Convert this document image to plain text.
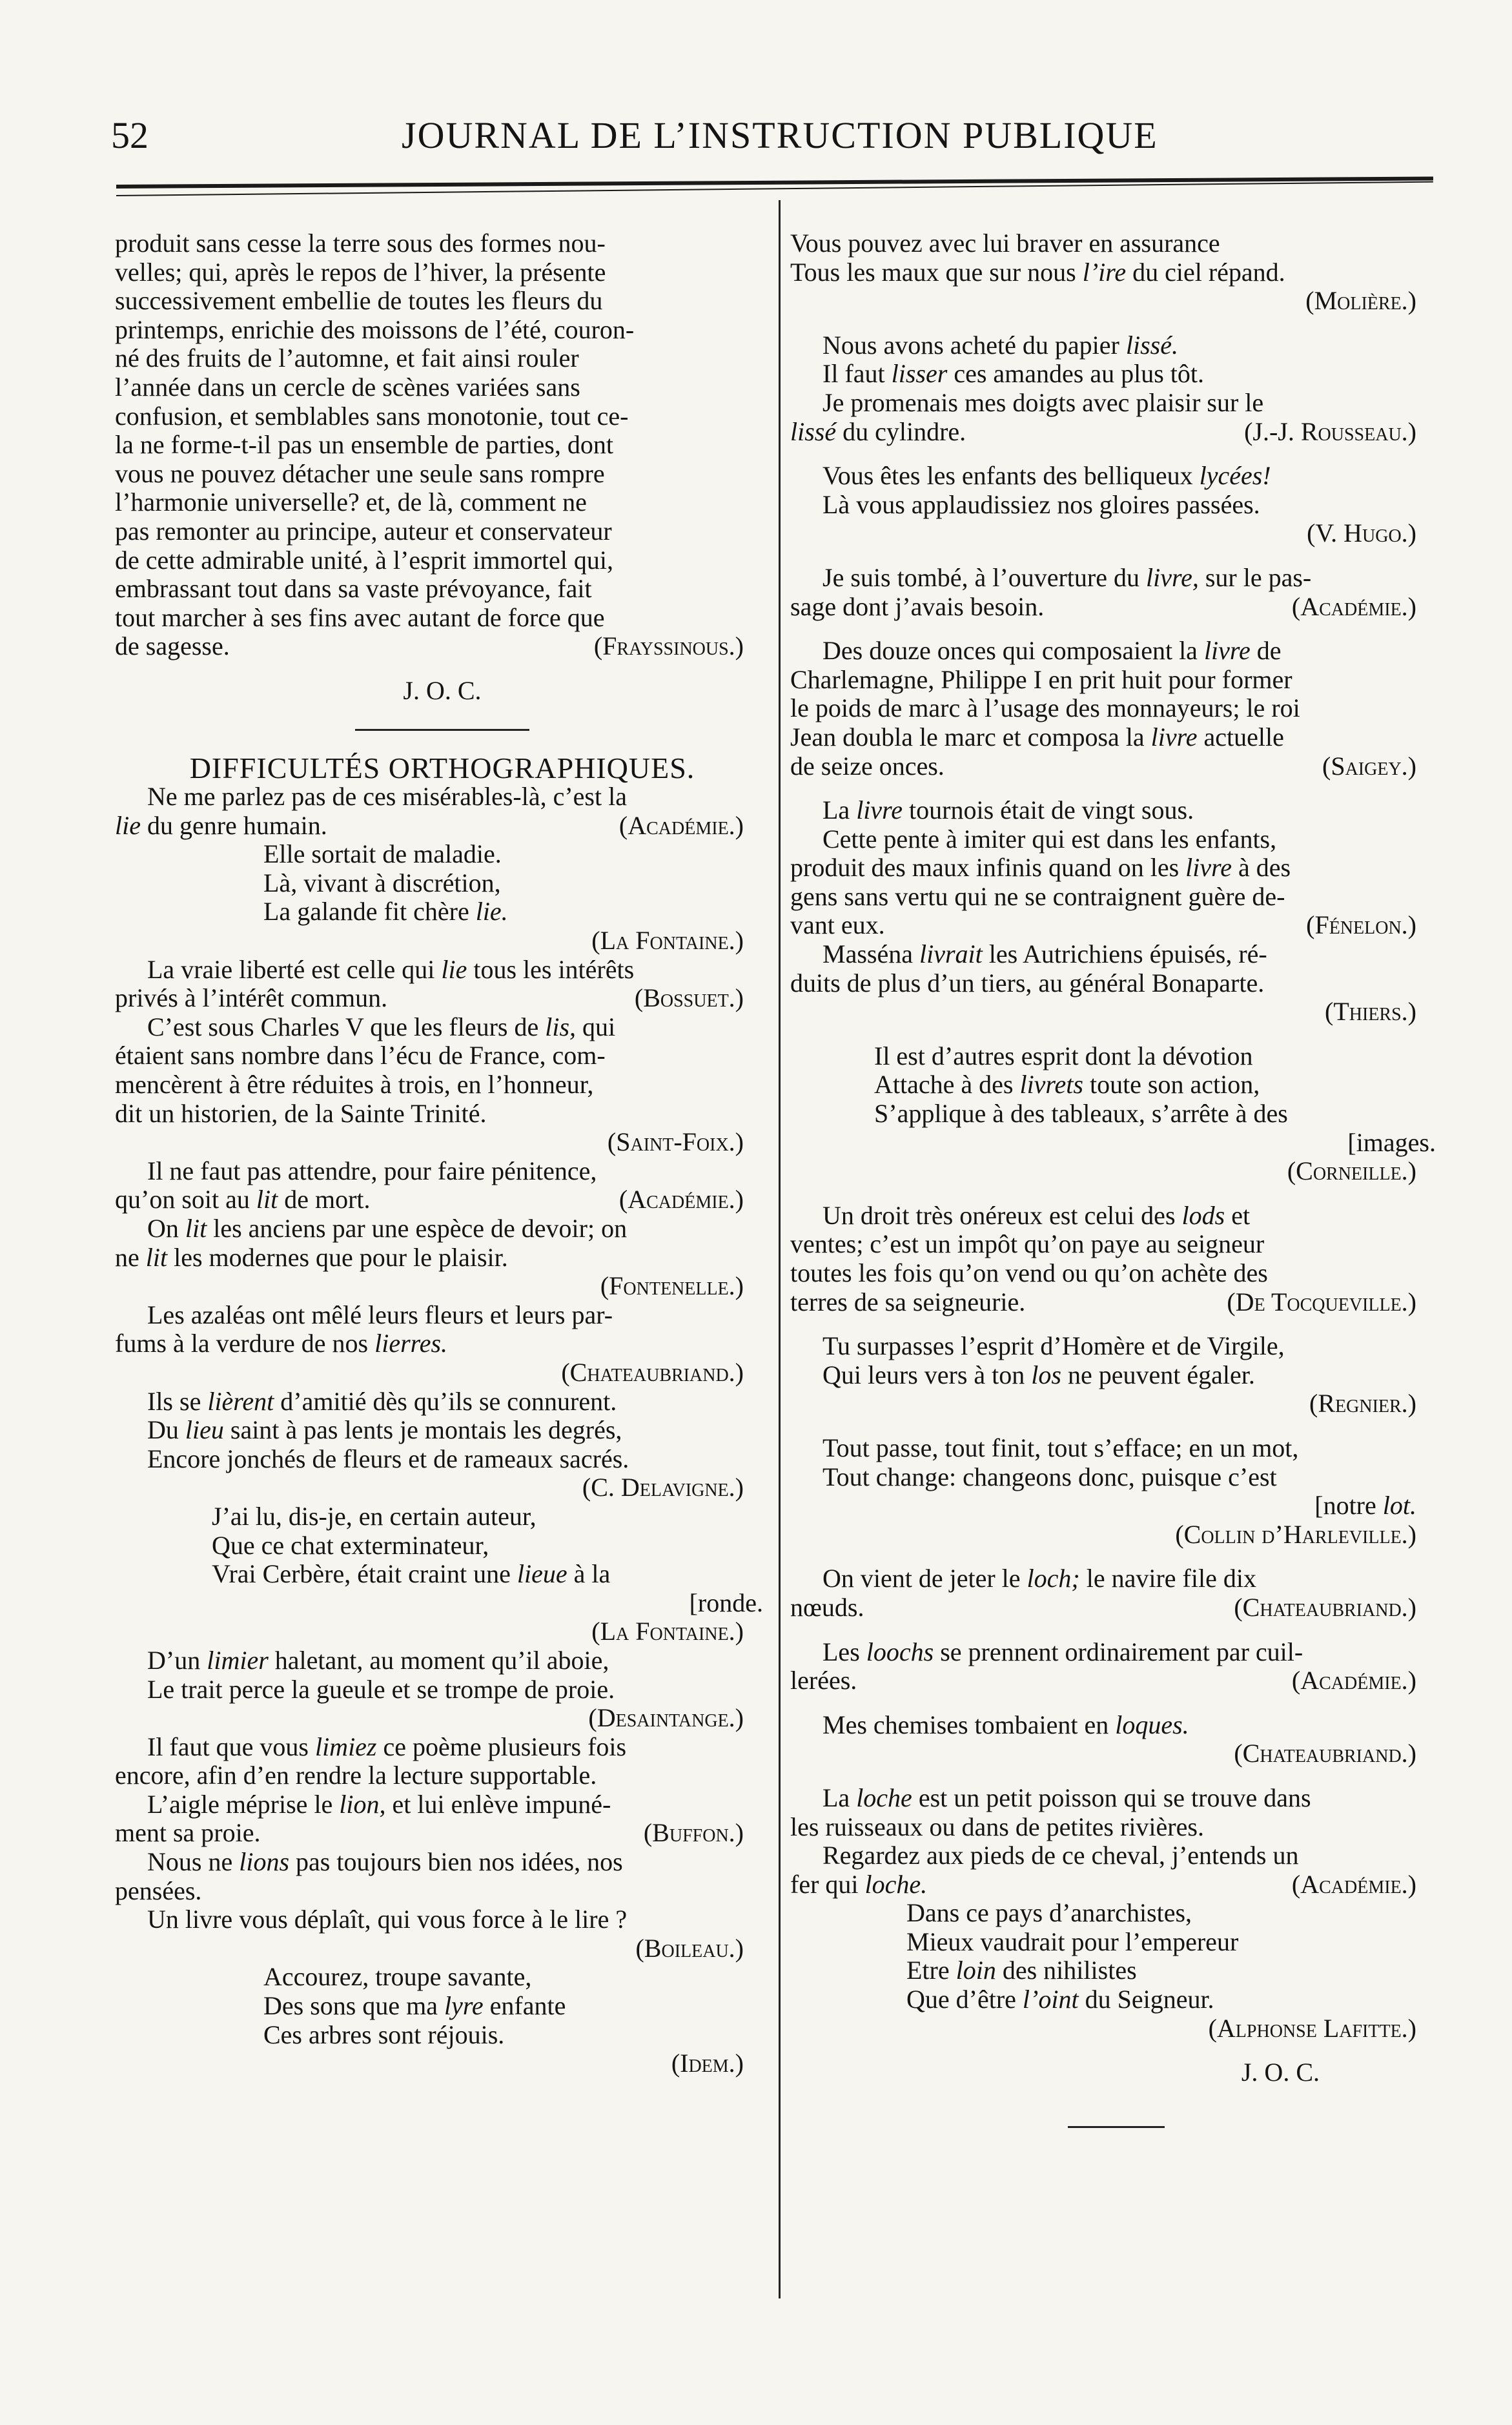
52	JOURNAL DE L’INSTRUCTION PUBLIQUE

produit sans cesse la terre sous des formes nou-

velles; qui, après le repos de l’hiver, la présente

successivement embellie de toutes les fleurs du

printemps, enrichie des moissons de l’été, couron-

né des fruits de l’automne, et fait ainsi rouler

l’année dans un cercle de scènes variées sans

confusion, et semblables sans monotonie, tout ce-

la ne forme-t-il pas un ensemble de parties, dont

vous ne pouvez détacher une seule sans rompre

l’harmonie universelle? et, de là, comment ne

pas remonter au principe, auteur et conservateur

de cette admirable unité, à l’esprit immortel qui,

embrassant tout dans sa vaste prévoyance, fait

tout marcher à ses fins avec autant de force que

de sagesse.	(Frayssinous.)

J. O. C.

DIFFICULTÉS ORTHOGRAPHIQUES.

Ne me parlez pas de ces misérables-là, c’est la

lie du genre humain.	(Académie.)

Elle sortait de maladie.

Là, vivant à discrétion,

La galande fit chère lie.

(La Fontaine.)

La vraie liberté est celle qui lie tous les intérêts

privés à l’intérêt commun.	(Bossuet.)

C’est sous Charles V que les fleurs de lis, qui

étaient sans nombre dans l’écu de France, com-

mencèrent à être réduites à trois, en l’honneur,

dit un historien, de la Sainte Trinité.

(Saint-Foix.)

Il ne faut pas attendre, pour faire pénitence,

qu’on soit au lit de mort.	(Académie.)

On lit les anciens par une espèce de devoir; on

ne lit les modernes que pour le plaisir.

(Fontenelle.)

Les azaléas ont mêlé leurs fleurs et leurs par-

fums à la verdure de nos lierres.

(Chateaubriand.)

Ils se lièrent d’amitié dès qu’ils se connurent.

Du lieu saint à pas lents je montais les degrés,

Encore jonchés de fleurs et de rameaux sacrés.

(C. Delavigne.)

J’ai lu, dis-je, en certain auteur,

Que ce chat exterminateur,

Vrai Cerbère, était craint une lieue à la

[ronde.

(La Fontaine.)

D’un limier haletant, au moment qu’il aboie,

Le trait perce la gueule et se trompe de proie.

(Desaintange.)

Il faut que vous limiez ce poème plusieurs fois

encore, afin d’en rendre la lecture supportable.

L’aigle méprise le lion, et lui enlève impuné-

ment sa proie.	(Buffon.)

Nous ne lions pas toujours bien nos idées, nos

pensées.

Un livre vous déplaît, qui vous force à le lire ?

(Boileau.)

Accourez, troupe savante,

Des sons que ma lyre enfante

Ces arbres sont réjouis.

(Idem.)

Vous pouvez avec lui braver en assurance

Tous les maux que sur nous l’ire du ciel répand.

(Molière.)

Nous avons acheté du papier lissé.

Il faut lisser ces amandes au plus tôt.

Je promenais mes doigts avec plaisir sur le

lissé du cylindre.	(J.-J. Rousseau.)

Vous êtes les enfants des belliqueux lycées!

Là vous applaudissiez nos gloires passées.

(V. Hugo.)

Je suis tombé, à l’ouverture du livre, sur le pas-

sage dont j’avais besoin.	(Académie.)

Des douze onces qui composaient la livre de

Charlemagne, Philippe I en prit huit pour former

le poids de marc à l’usage des monnayeurs; le roi

Jean doubla le marc et composa la livre actuelle

de seize onces.	(Saigey.)

La livre tournois était de vingt sous.

Cette pente à imiter qui est dans les enfants,

produit des maux infinis quand on les livre à des

gens sans vertu qui ne se contraignent guère de-

vant eux.	(Fénelon.)

Masséna livrait les Autrichiens épuisés, ré-

duits de plus d’un tiers, au général Bonaparte.

(Thiers.)

Il est d’autres esprit dont la dévotion

Attache à des livrets toute son action,

S’applique à des tableaux, s’arrête à des

[images.

(Corneille.)

Un droit très onéreux est celui des lods et

ventes; c’est un impôt qu’on paye au seigneur

toutes les fois qu’on vend ou qu’on achète des

terres de sa seigneurie.	(De Tocqueville.)

Tu surpasses l’esprit d’Homère et de Virgile,

Qui leurs vers à ton los ne peuvent égaler.

(Regnier.)

Tout passe, tout finit, tout s’efface; en un mot,

Tout change: changeons donc, puisque c’est

[notre lot.

(Collin d’Harleville.)

On vient de jeter le loch; le navire file dix

nœuds.	(Chateaubriand.)

Les loochs se prennent ordinairement par cuil-

lerées.	(Académie.)

Mes chemises tombaient en loques.

(Chateaubriand.)

La loche est un petit poisson qui se trouve dans

les ruisseaux ou dans de petites rivières.

Regardez aux pieds de ce cheval, j’entends un

fer qui loche.	(Académie.)

Dans ce pays d’anarchistes,

Mieux vaudrait pour l’empereur

Etre loin des nihilistes

Que d’être l’oint du Seigneur.

(Alphonse Lafitte.)

J. O. C.
